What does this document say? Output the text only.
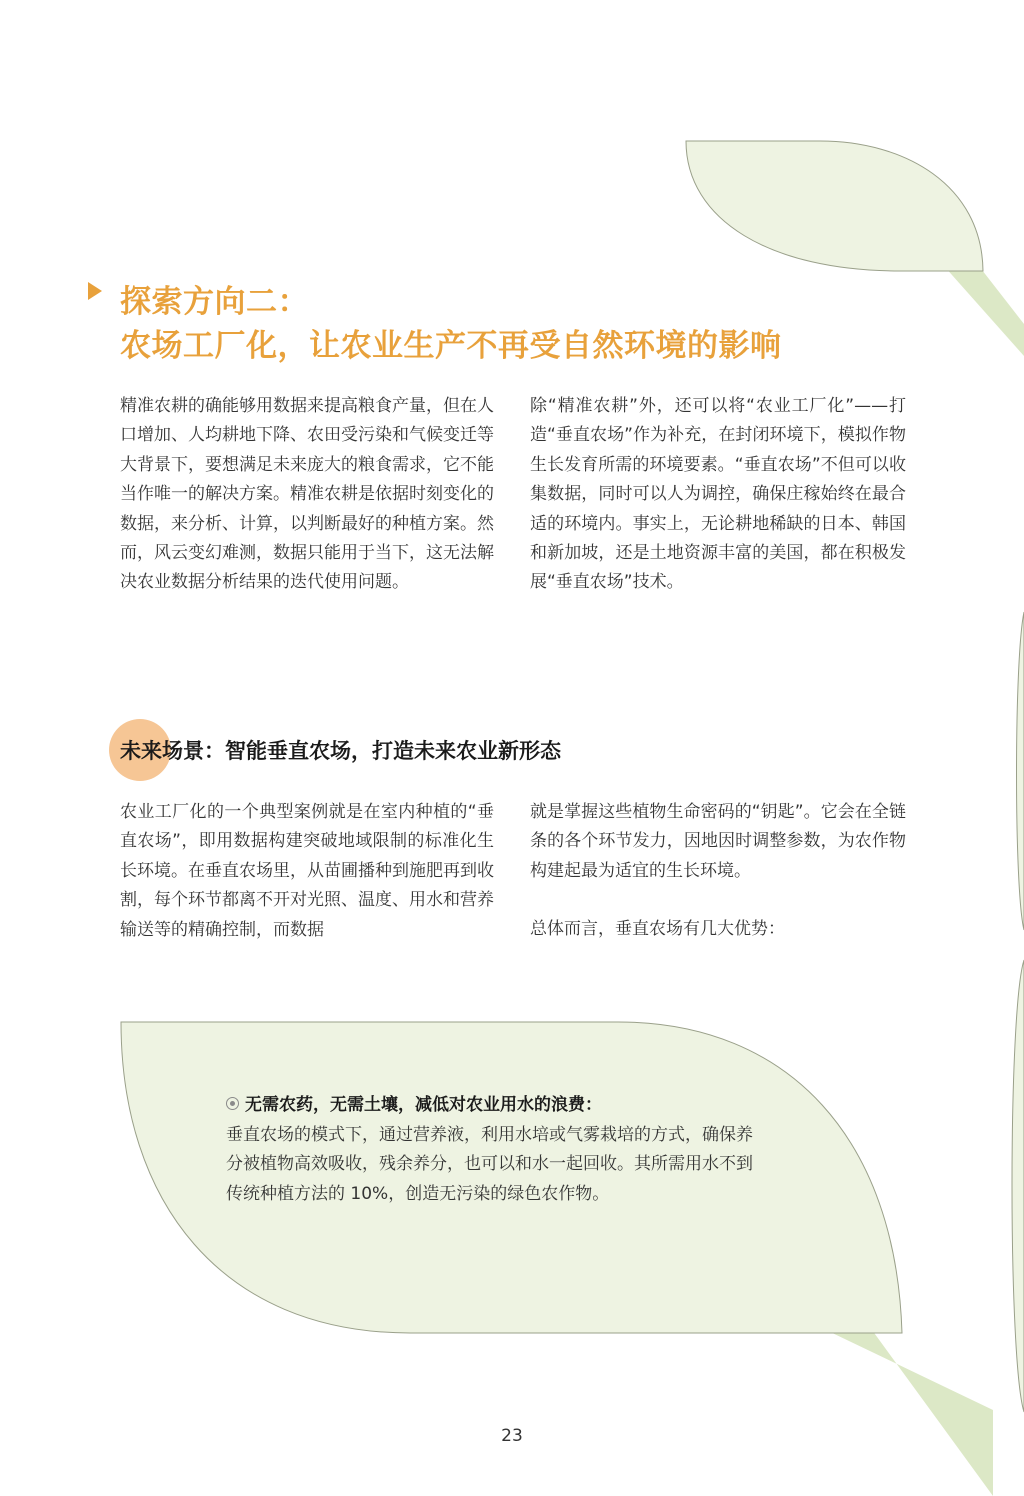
探索方向二：
农场工厂化，让农业生产不再受自然环境的影响

精准农耕的确能够用数据来提高粮食产量，但在人口增加、人均耕地下降、农田受污染和气候变迁等大背景下，要想满足未来庞大的粮食需求，它不能当作唯一的解决方案。精准农耕是依据时刻变化的数据，来分析、计算，以判断最好的种植方案。然而，风云变幻难测，数据只能用于当下，这无法解决农业数据分析结果的迭代使用问题。

除“精准农耕”外，还可以将“农业工厂化”——打造“垂直农场”作为补充，在封闭环境下，模拟作物生长发育所需的环境要素。“垂直农场”不但可以收集数据，同时可以人为调控，确保庄稼始终在最合适的环境内。事实上，无论耕地稀缺的日本、韩国和新加坡，还是土地资源丰富的美国，都在积极发展“垂直农场”技术。

未来场景：智能垂直农场，打造未来农业新形态

农业工厂化的一个典型案例就是在室内种植的“垂直农场”，即用数据构建突破地域限制的标准化生长环境。在垂直农场里，从苗圃播种到施肥再到收割，每个环节都离不开对光照、温度、用水和营养输送等的精确控制，而数据

就是掌握这些植物生命密码的“钥匙”。它会在全链条的各个环节发力，因地因时调整参数，为农作物构建起最为适宜的生长环境。

总体而言，垂直农场有几大优势：

无需农药，无需土壤，减低对农业用水的浪费：

垂直农场的模式下，通过营养液，利用水培或气雾栽培的方式，确保养分被植物高效吸收，残余养分，也可以和水一起回收。其所需用水不到传统种植方法的 10%，创造无污染的绿色农作物。

23
